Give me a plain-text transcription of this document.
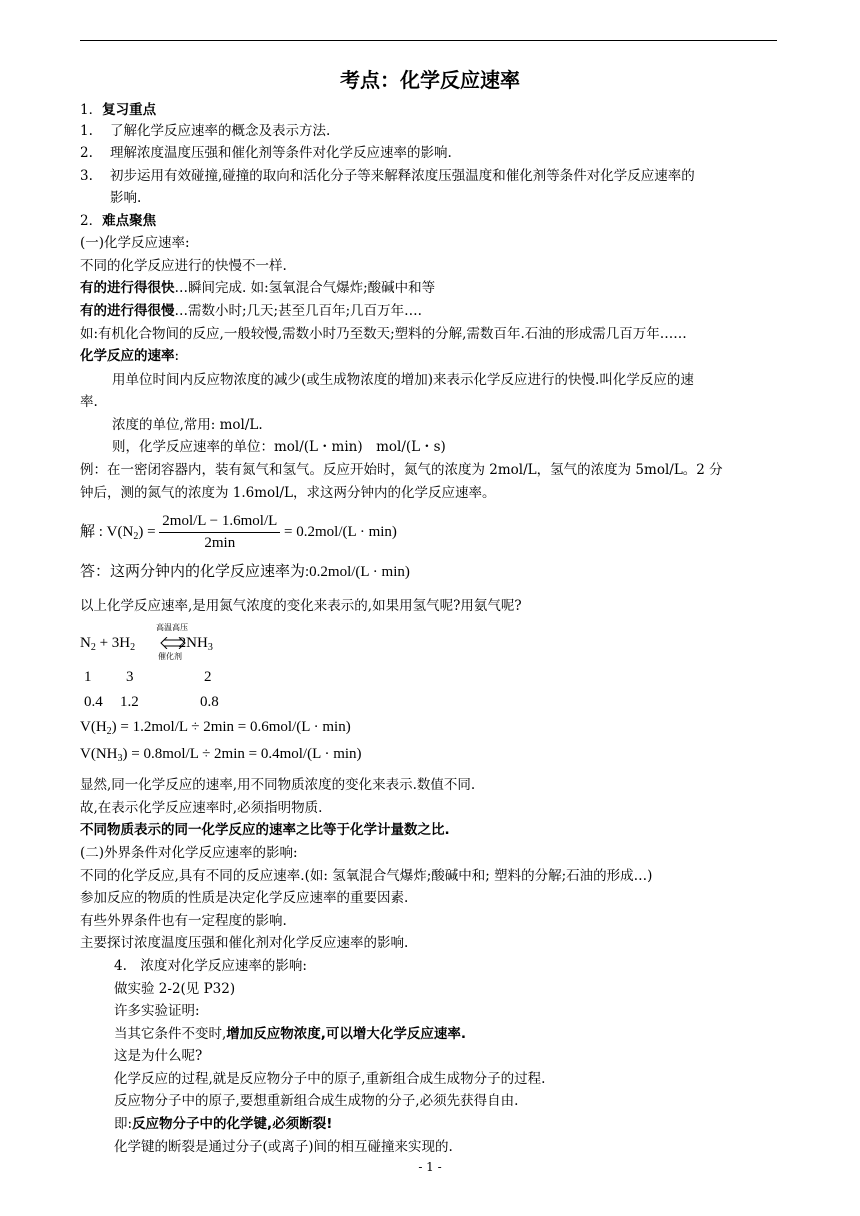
考点：化学反应速率
1．复习重点
1. 了解化学反应速率的概念及表示方法.
2. 理解浓度温度压强和催化剂等条件对化学反应速率的影响.
3. 初步运用有效碰撞,碰撞的取向和活化分子等来解释浓度压强温度和催化剂等条件对化学反应速率的
影响.
2．难点聚焦
(一)化学反应速率:
不同的化学反应进行的快慢不一样.
有的进行得很快…瞬间完成. 如:氢氧混合气爆炸;酸碱中和等
有的进行得很慢…需数小时;几天;甚至几百年;几百万年….
如:有机化合物间的反应,一般较慢,需数小时乃至数天;塑料的分解,需数百年.石油的形成需几百万年……
化学反应的速率:
用单位时间内反应物浓度的减少(或生成物浓度的增加)来表示化学反应进行的快慢.叫化学反应的速
率.
浓度的单位,常用: mol/L.
则，化学反应速率的单位：mol/(L・min)　mol/(L・s)
例：在一密闭容器内，装有氮气和氢气。反应开始时，氮气的浓度为 2mol/L，氢气的浓度为 5mol/L。2 分
钟后，测的氮气的浓度为 1.6mol/L，求这两分钟内的化学反应速率。
解 : $V(N_2) = \frac{\text{2mol/L − 1.6mol/L}}{2\min} = 0.2mol/(L \cdot \min)$
答：这两分钟内的化学反应速率为:0.2mol/(L · min)
以上化学反应速率,是用氮气浓度的变化来表示的,如果用氢气呢?用氨气呢?
$N_2 + 3H_2$	$2NH_3$
高温高压
催化剂
1 3	2
0.4 1.2	0.8
$V(H_2) = 1.2mol/L \div 2\min = 0.6mol/(L \cdot \min)$
$V(NH_3) = 0.8mol/L \div 2\min = 0.4mol/(L \cdot \min)$
显然,同一化学反应的速率,用不同物质浓度的变化来表示.数值不同.
故,在表示化学反应速率时,必须指明物质.
不同物质表示的同一化学反应的速率之比等于化学计量数之比.
(二)外界条件对化学反应速率的影响:
不同的化学反应,具有不同的反应速率.(如: 氢氧混合气爆炸;酸碱中和; 塑料的分解;石油的形成…)
参加反应的物质的性质是决定化学反应速率的重要因素.
有些外界条件也有一定程度的影响.
主要探讨浓度温度压强和催化剂对化学反应速率的影响.
4.　浓度对化学反应速率的影响:
做实验 2-2(见 P32)
许多实验证明:
当其它条件不变时,增加反应物浓度,可以增大化学反应速率.
这是为什么呢?
化学反应的过程,就是反应物分子中的原子,重新组合成生成物分子的过程.
反应物分子中的原子,要想重新组合成生成物的分子,必须先获得自由.
即:反应物分子中的化学键,必须断裂!
化学键的断裂是通过分子(或离子)间的相互碰撞来实现的.
- 1 -
